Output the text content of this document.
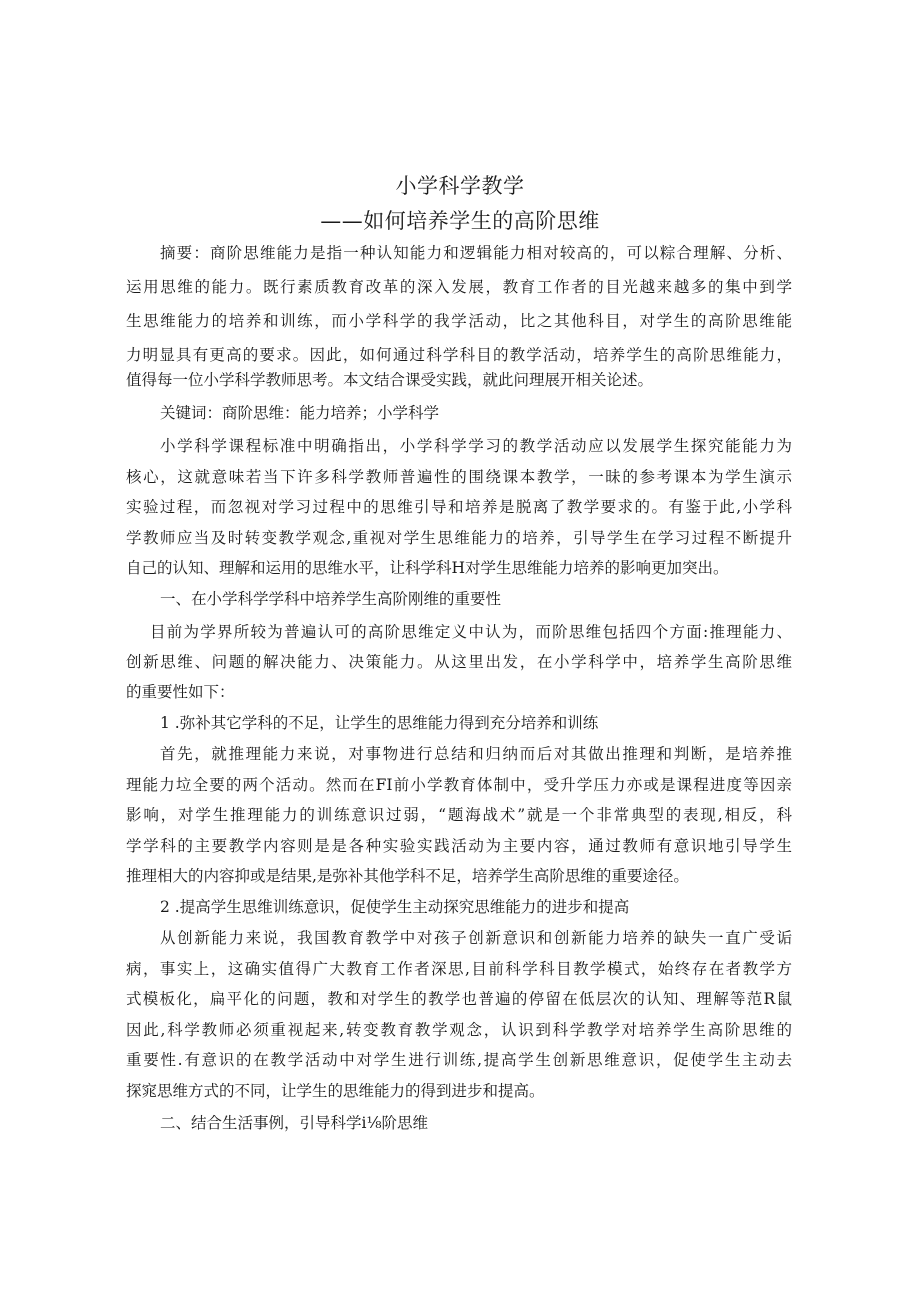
小学科学教学
——如何培养学生的高阶思维
摘要：商阶思维能力是指一种认知能力和逻辑能力相对较高的，可以粽合理解、分析、
运用思维的能力。既行素质教育改革的深入发展，教育工作者的目光越来越多的集中到学
生思维能力的培养和训练，而小学科学的我学活动，比之其他科目，对学生的高阶思维能
力明显具有更高的要求。因此，如何通过科学科目的教学活动，培养学生的高阶思维能力，
值得每一位小学科学教师思考。本文结合课受实践，就此问理展开相关论述。
关键词：商阶思维：能力培养；小学科学
小学科学课程标准中明确指出，小学科学学习的教学活动应以发展学生探究能能力为
核心，这就意味若当下许多科学教师普遍性的围绕课本教学，一昧的参考课本为学生演示
实验过程，而忽视对学习过程中的思维引导和培养是脱离了教学要求的。有鉴于此,小学科
学教师应当及时转变教学观念,重视对学生思维能力的培养，引导学生在学习过程不断提升
自己的认知、理解和运用的思维水平，让科学科H对学生思维能力培养的影响更加突出。
一、在小学科学学科中培养学生高阶刚维的重要性
目前为学界所较为普遍认可的高阶思维定义中认为，而阶思维包括四个方面:推理能力、
创新思维、问题的解决能力、决策能力。从这里出发，在小学科学中，培养学生高阶思维
的重要性如下：
1 .弥补其它学科的不足，让学生的思维能力得到充分培养和训练
首先，就推理能力来说，对事物进行总结和归纳而后对其做出推理和判断，是培养推
理能力垃全要的两个活动。然而在FI前小学教育体制中，受升学压力亦或是课程进度等因亲
影响，对学生推理能力的训练意识过弱，“题海战术”就是一个非常典型的表现,相反，科
学学科的主要教学内容则是是各种实验实践活动为主要内容，通过教师有意识地引导学生
推理相大的内容抑或是结果,是弥补其他学科不足，培养学生高阶思维的重要途径。
2 .提高学生思维训练意识，促使学生主动探究思维能力的进步和提高
从创新能力来说，我国教育教学中对孩子创新意识和创新能力培养的缺失一直广受诟
病，事实上，这确实值得广大教育工作者深思,目前科学科目教学模式，始终存在者教学方
式模板化，扁平化的问题，教和对学生的教学也普遍的停留在低层次的认知、理解等范R鼠
因此,科学教师必须重视起来,转变教育教学观念，认识到科学教学对培养学生高阶思维的
重要性.有意识的在教学活动中对学生进行训练,提高学生创新思维意识，促使学生主动去
探窕思维方式的不同，让学生的思维能力的得到进步和提高。
二、结合生活事例，引导科学i⅛阶思维
